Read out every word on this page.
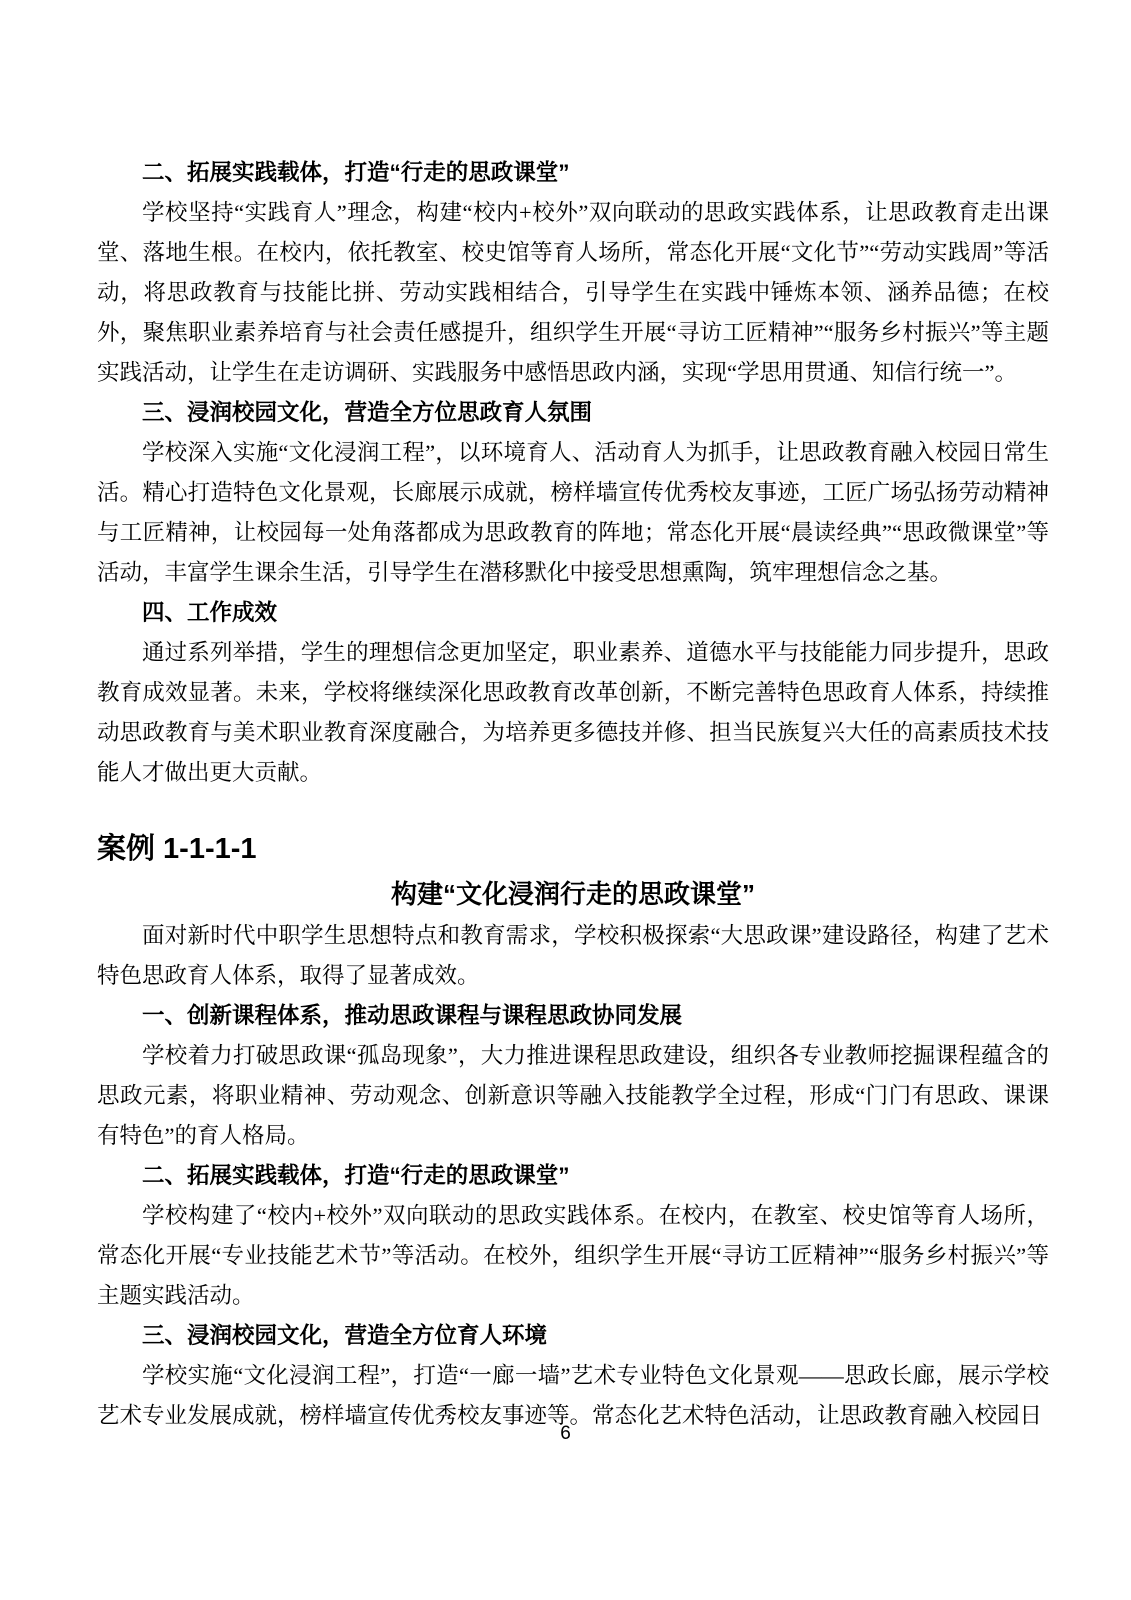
二、拓展实践载体，打造“行走的思政课堂”

学校坚持“实践育人”理念，构建“校内+校外”双向联动的思政实践体系，让思政教育走出课堂、落地生根。在校内，依托教室、校史馆等育人场所，常态化开展“文化节”“劳动实践周”等活动，将思政教育与技能比拼、劳动实践相结合，引导学生在实践中锤炼本领、涵养品德；在校外，聚焦职业素养培育与社会责任感提升，组织学生开展“寻访工匠精神”“服务乡村振兴”等主题实践活动，让学生在走访调研、实践服务中感悟思政内涵，实现“学思用贯通、知信行统一”。

三、浸润校园文化，营造全方位思政育人氛围

学校深入实施“文化浸润工程”，以环境育人、活动育人为抓手，让思政教育融入校园日常生活。精心打造特色文化景观，长廊展示成就，榜样墙宣传优秀校友事迹，工匠广场弘扬劳动精神与工匠精神，让校园每一处角落都成为思政教育的阵地；常态化开展“晨读经典”“思政微课堂”等活动，丰富学生课余生活，引导学生在潜移默化中接受思想熏陶，筑牢理想信念之基。

四、工作成效

通过系列举措，学生的理想信念更加坚定，职业素养、道德水平与技能能力同步提升，思政教育成效显著。未来，学校将继续深化思政教育改革创新，不断完善特色思政育人体系，持续推动思政教育与美术职业教育深度融合，为培养更多德技并修、担当民族复兴大任的高素质技术技能人才做出更大贡献。

案例 1-1-1-1

构建“文化浸润行走的思政课堂”

面对新时代中职学生思想特点和教育需求，学校积极探索“大思政课”建设路径，构建了艺术特色思政育人体系，取得了显著成效。

一、创新课程体系，推动思政课程与课程思政协同发展

学校着力打破思政课“孤岛现象”，大力推进课程思政建设，组织各专业教师挖掘课程蕴含的思政元素，将职业精神、劳动观念、创新意识等融入技能教学全过程，形成“门门有思政、课课有特色”的育人格局。

二、拓展实践载体，打造“行走的思政课堂”

学校构建了“校内+校外”双向联动的思政实践体系。在校内，在教室、校史馆等育人场所，常态化开展“专业技能艺术节”等活动。在校外，组织学生开展“寻访工匠精神”“服务乡村振兴”等主题实践活动。

三、浸润校园文化，营造全方位育人环境

学校实施“文化浸润工程”，打造“一廊一墙”艺术专业特色文化景观——思政长廊，展示学校艺术专业发展成就，榜样墙宣传优秀校友事迹等。常态化艺术特色活动，让思政教育融入校园日

6
